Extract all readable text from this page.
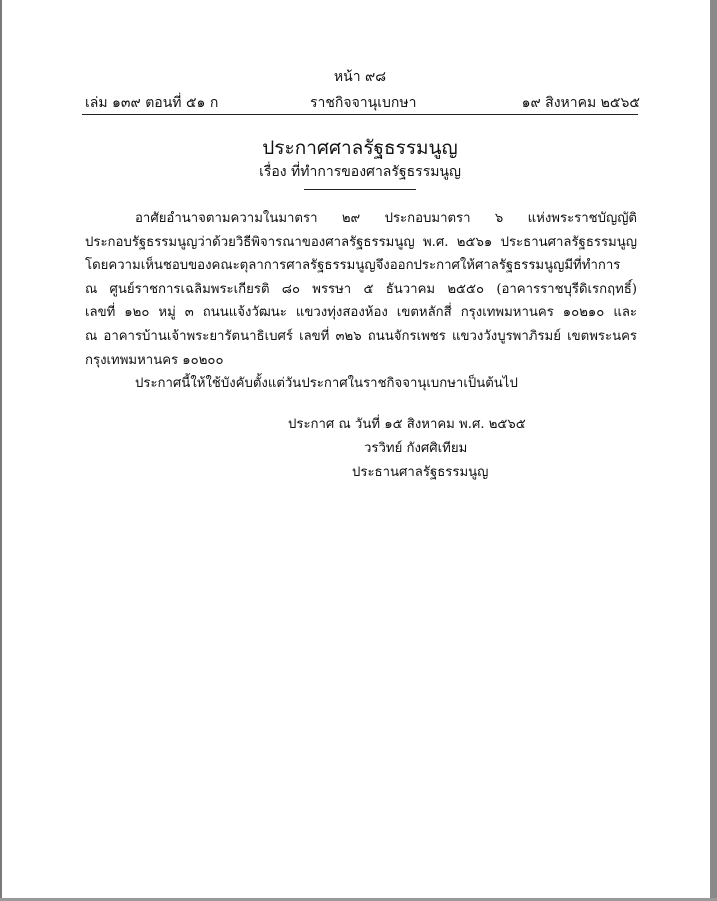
หน้า ๙๘
เล่ม ๑๓๙ ตอนที่ ๕๑ ก	ราชกิจจานุเบกษา	๑๙ สิงหาคม ๒๕๖๕
ประกาศศาลรัฐธรรมนูญ
เรื่อง ที่ทำการของศาลรัฐธรรมนูญ
อาศัยอำนาจตามความในมาตรา ๒๙ ประกอบมาตรา ๖ แห่งพระราชบัญญัติ
ประกอบรัฐธรรมนูญว่าด้วยวิธีพิจารณาของศาลรัฐธรรมนูญ พ.ศ. ๒๕๖๑ ประธานศาลรัฐธรรมนูญ
โดยความเห็นชอบของคณะตุลาการศาลรัฐธรรมนูญจึงออกประกาศให้ศาลรัฐธรรมนูญมีที่ทำการ
ณ ศูนย์ราชการเฉลิมพระเกียรติ ๘๐ พรรษา ๕ ธันวาคม ๒๕๕๐ (อาคารราชบุรีดิเรกฤทธิ์)
เลขที่ ๑๒๐ หมู่ ๓ ถนนแจ้งวัฒนะ แขวงทุ่งสองห้อง เขตหลักสี่ กรุงเทพมหานคร ๑๐๒๑๐ และ
ณ อาคารบ้านเจ้าพระยารัตนาธิเบศร์ เลขที่ ๓๒๖ ถนนจักรเพชร แขวงวังบูรพาภิรมย์ เขตพระนคร
กรุงเทพมหานคร ๑๐๒๐๐
ประกาศนี้ให้ใช้บังคับตั้งแต่วันประกาศในราชกิจจานุเบกษาเป็นต้นไป
ประกาศ ณ วันที่ ๑๕ สิงหาคม พ.ศ. ๒๕๖๕
วรวิทย์ กังศศิเทียม
ประธานศาลรัฐธรรมนูญ
